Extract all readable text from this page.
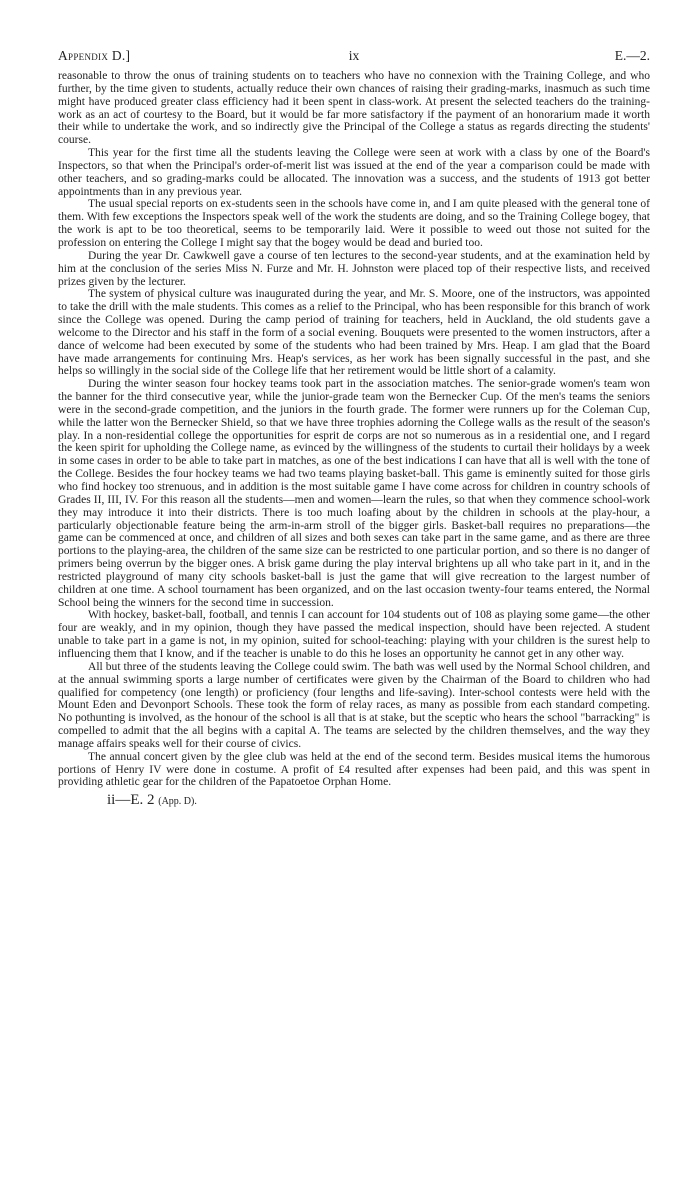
Appendix D.]	ix	E.—2.

reasonable to throw the onus of training students on to teachers who have no connexion with the Training College, and who further, by the time given to students, actually reduce their own chances of raising their grading-marks, inasmuch as such time might have produced greater class efficiency had it been spent in class-work. At present the selected teachers do the training-work as an act of courtesy to the Board, but it would be far more satisfactory if the payment of an honorarium made it worth their while to undertake the work, and so indirectly give the Principal of the College a status as regards directing the students' course.

This year for the first time all the students leaving the College were seen at work with a class by one of the Board's Inspectors, so that when the Principal's order-of-merit list was issued at the end of the year a comparison could be made with other teachers, and so grading-marks could be allocated. The innovation was a success, and the students of 1913 got better appointments than in any previous year.

The usual special reports on ex-students seen in the schools have come in, and I am quite pleased with the general tone of them. With few exceptions the Inspectors speak well of the work the students are doing, and so the Training College bogey, that the work is apt to be too theoretical, seems to be temporarily laid. Were it possible to weed out those not suited for the profession on entering the College I might say that the bogey would be dead and buried too.

During the year Dr. Cawkwell gave a course of ten lectures to the second-year students, and at the examination held by him at the conclusion of the series Miss N. Furze and Mr. H. Johnston were placed top of their respective lists, and received prizes given by the lecturer.

The system of physical culture was inaugurated during the year, and Mr. S. Moore, one of the instructors, was appointed to take the drill with the male students. This comes as a relief to the Principal, who has been responsible for this branch of work since the College was opened. During the camp period of training for teachers, held in Auckland, the old students gave a welcome to the Director and his staff in the form of a social evening. Bouquets were presented to the women instructors, after a dance of welcome had been executed by some of the students who had been trained by Mrs. Heap. I am glad that the Board have made arrangements for continuing Mrs. Heap's services, as her work has been signally successful in the past, and she helps so willingly in the social side of the College life that her retirement would be little short of a calamity.

During the winter season four hockey teams took part in the association matches. The senior-grade women's team won the banner for the third consecutive year, while the junior-grade team won the Bernecker Cup. Of the men's teams the seniors were in the second-grade competition, and the juniors in the fourth grade. The former were runners up for the Coleman Cup, while the latter won the Bernecker Shield, so that we have three trophies adorning the College walls as the result of the season's play. In a non-residential college the opportunities for esprit de corps are not so numerous as in a residential one, and I regard the keen spirit for upholding the College name, as evinced by the willingness of the students to curtail their holidays by a week in some cases in order to be able to take part in matches, as one of the best indications I can have that all is well with the tone of the College. Besides the four hockey teams we had two teams playing basket-ball. This game is eminently suited for those girls who find hockey too strenuous, and in addition is the most suitable game I have come across for children in country schools of Grades II, III, IV. For this reason all the students—men and women—learn the rules, so that when they commence school-work they may introduce it into their districts. There is too much loafing about by the children in schools at the play-hour, a particularly objectionable feature being the arm-in-arm stroll of the bigger girls. Basket-ball requires no preparations—the game can be commenced at once, and children of all sizes and both sexes can take part in the same game, and as there are three portions to the playing-area, the children of the same size can be restricted to one particular portion, and so there is no danger of primers being overrun by the bigger ones. A brisk game during the play interval brightens up all who take part in it, and in the restricted playground of many city schools basket-ball is just the game that will give recreation to the largest number of children at one time. A school tournament has been organized, and on the last occasion twenty-four teams entered, the Normal School being the winners for the second time in succession.

With hockey, basket-ball, football, and tennis I can account for 104 students out of 108 as playing some game—the other four are weakly, and in my opinion, though they have passed the medical inspection, should have been rejected. A student unable to take part in a game is not, in my opinion, suited for school-teaching: playing with your children is the surest help to influencing them that I know, and if the teacher is unable to do this he loses an opportunity he cannot get in any other way.

All but three of the students leaving the College could swim. The bath was well used by the Normal School children, and at the annual swimming sports a large number of certificates were given by the Chairman of the Board to children who had qualified for competency (one length) or proficiency (four lengths and life-saving). Inter-school contests were held with the Mount Eden and Devonport Schools. These took the form of relay races, as many as possible from each standard competing. No pothunting is involved, as the honour of the school is all that is at stake, but the sceptic who hears the school "barracking" is compelled to admit that the all begins with a capital A. The teams are selected by the children themselves, and the way they manage affairs speaks well for their course of civics.

The annual concert given by the glee club was held at the end of the second term. Besides musical items the humorous portions of Henry IV were done in costume. A profit of £4 resulted after expenses had been paid, and this was spent in providing athletic gear for the children of the Papatoetoe Orphan Home.

ii—E. 2 (App. D).
